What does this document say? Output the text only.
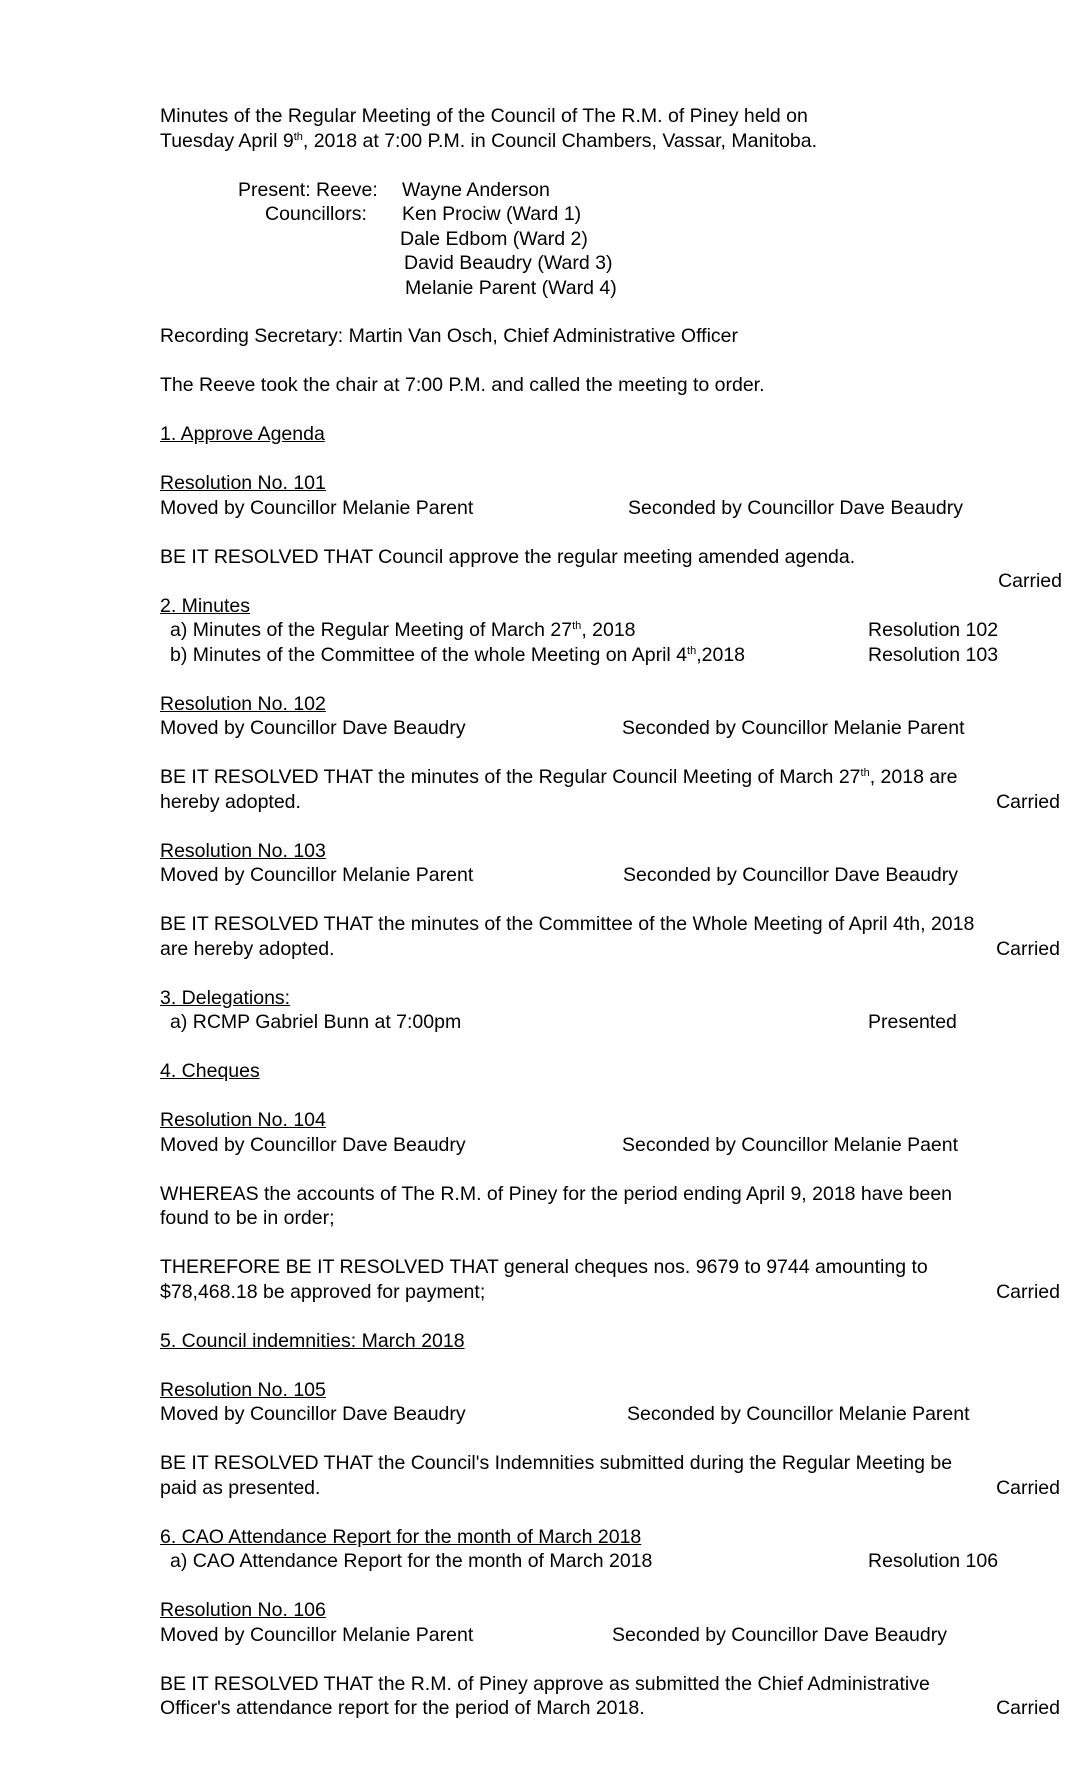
Minutes of the Regular Meeting of the Council of The R.M. of Piney held on
Tuesday April 9th, 2018 at 7:00 P.M. in Council Chambers, Vassar, Manitoba.
Present: Reeve: Wayne Anderson
Councillors: Ken Prociw (Ward 1)
Dale Edbom (Ward 2)
David Beaudry (Ward 3)
Melanie Parent (Ward 4)
Recording Secretary: Martin Van Osch, Chief Administrative Officer
The Reeve took the chair at 7:00 P.M. and called the meeting to order.
1. Approve Agenda
Resolution No. 101
Moved by Councillor Melanie Parent	Seconded by Councillor Dave Beaudry
BE IT RESOLVED THAT Council approve the regular meeting amended agenda.
Carried
2. Minutes
a) Minutes of the Regular Meeting of March 27th, 2018	Resolution 102
b) Minutes of the Committee of the whole Meeting on April 4th,2018	Resolution 103
Resolution No. 102
Moved by Councillor Dave Beaudry	Seconded by Councillor Melanie Parent
BE IT RESOLVED THAT the minutes of the Regular Council Meeting of March 27th, 2018 are
hereby adopted.	Carried
Resolution No. 103
Moved by Councillor Melanie Parent	Seconded by Councillor Dave Beaudry
BE IT RESOLVED THAT the minutes of the Committee of the Whole Meeting of April 4th, 2018
are hereby adopted.	Carried
3. Delegations:
a) RCMP Gabriel Bunn at 7:00pm	Presented
4. Cheques
Resolution No. 104
Moved by Councillor Dave Beaudry	Seconded by Councillor Melanie Paent
WHEREAS the accounts of The R.M. of Piney for the period ending April 9, 2018 have been
found to be in order;
THEREFORE BE IT RESOLVED THAT general cheques nos. 9679 to 9744 amounting to
$78,468.18 be approved for payment;	Carried
5. Council indemnities: March 2018
Resolution No. 105
Moved by Councillor Dave Beaudry	Seconded by Councillor Melanie Parent
BE IT RESOLVED THAT the Council's Indemnities submitted during the Regular Meeting be
paid as presented.	Carried
6. CAO Attendance Report for the month of March 2018
a) CAO Attendance Report for the month of March 2018	Resolution 106
Resolution No. 106
Moved by Councillor Melanie Parent	Seconded by Councillor Dave Beaudry
BE IT RESOLVED THAT the R.M. of Piney approve as submitted the Chief Administrative
Officer's attendance report for the period of March 2018.	Carried
